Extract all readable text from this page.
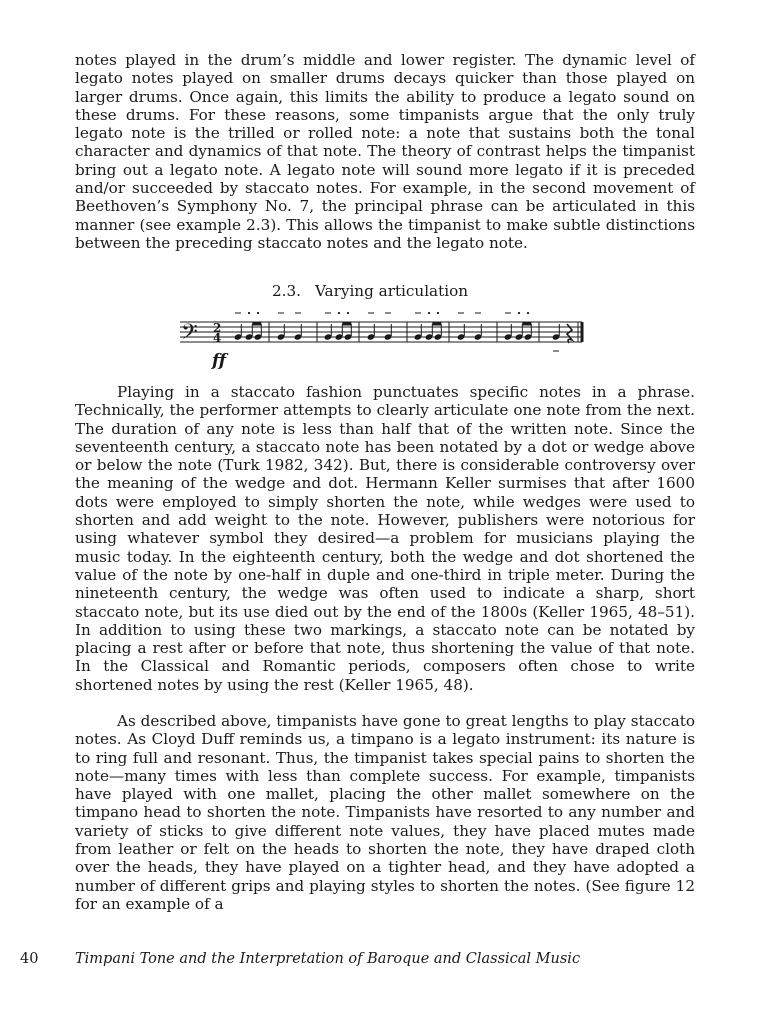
notes played in the drum’s middle and lower register. The dynamic level of legato notes played on smaller drums decays quicker than those played on larger drums. Once again, this limits the ability to produce a legato sound on these drums. For these reasons, some timpanists argue that the only truly legato note is the trilled or rolled note: a note that sustains both the tonal character and dynamics of that note. The theory of contrast helps the timpanist bring out a legato note. A legato note will sound more legato if it is preceded and/or succeeded by staccato notes. For example, in the second movement of Beethoven’s Symphony No. 7, the principal phrase can be articulated in this manner (see example 2.3). This allows the timpanist to make subtle distinctions between the preceding staccato notes and the legato note.

2.3. Varying articulation
𝄢 2
4
ff

Playing in a staccato fashion punctuates specific notes in a phrase. Technically, the performer attempts to clearly articulate one note from the next. The duration of any note is less than half that of the written note. Since the seventeenth century, a staccato note has been notated by a dot or wedge above or below the note (Turk 1982, 342). But, there is considerable controversy over the meaning of the wedge and dot. Hermann Keller surmises that after 1600 dots were employed to simply shorten the note, while wedges were used to shorten and add weight to the note. However, publishers were notorious for using whatever symbol they desired—a problem for musicians playing the music today. In the eighteenth century, both the wedge and dot shortened the value of the note by one-half in duple and one-third in triple meter. During the nineteenth century, the wedge was often used to indicate a sharp, short staccato note, but its use died out by the end of the 1800s (Keller 1965, 48–51). In addition to using these two markings, a staccato note can be notated by placing a rest after or before that note, thus shortening the value of that note. In the Classical and Romantic periods, composers often chose to write shortened notes by using the rest (Keller 1965, 48).

As described above, timpanists have gone to great lengths to play staccato notes. As Cloyd Duff reminds us, a timpano is a legato instrument: its nature is to ring full and resonant. Thus, the timpanist takes special pains to shorten the note—many times with less than complete success. For example, timpanists have played with one mallet, placing the other mallet somewhere on the timpano head to shorten the note. Timpanists have resorted to any number and variety of sticks to give different note values, they have placed mutes made from leather or felt on the heads to shorten the note, they have draped cloth over the heads, they have played on a tighter head, and they have adopted a number of different grips and playing styles to shorten the notes. (See figure 12 for an example of a

40	Timpani Tone and the Interpretation of Baroque and Classical Music
